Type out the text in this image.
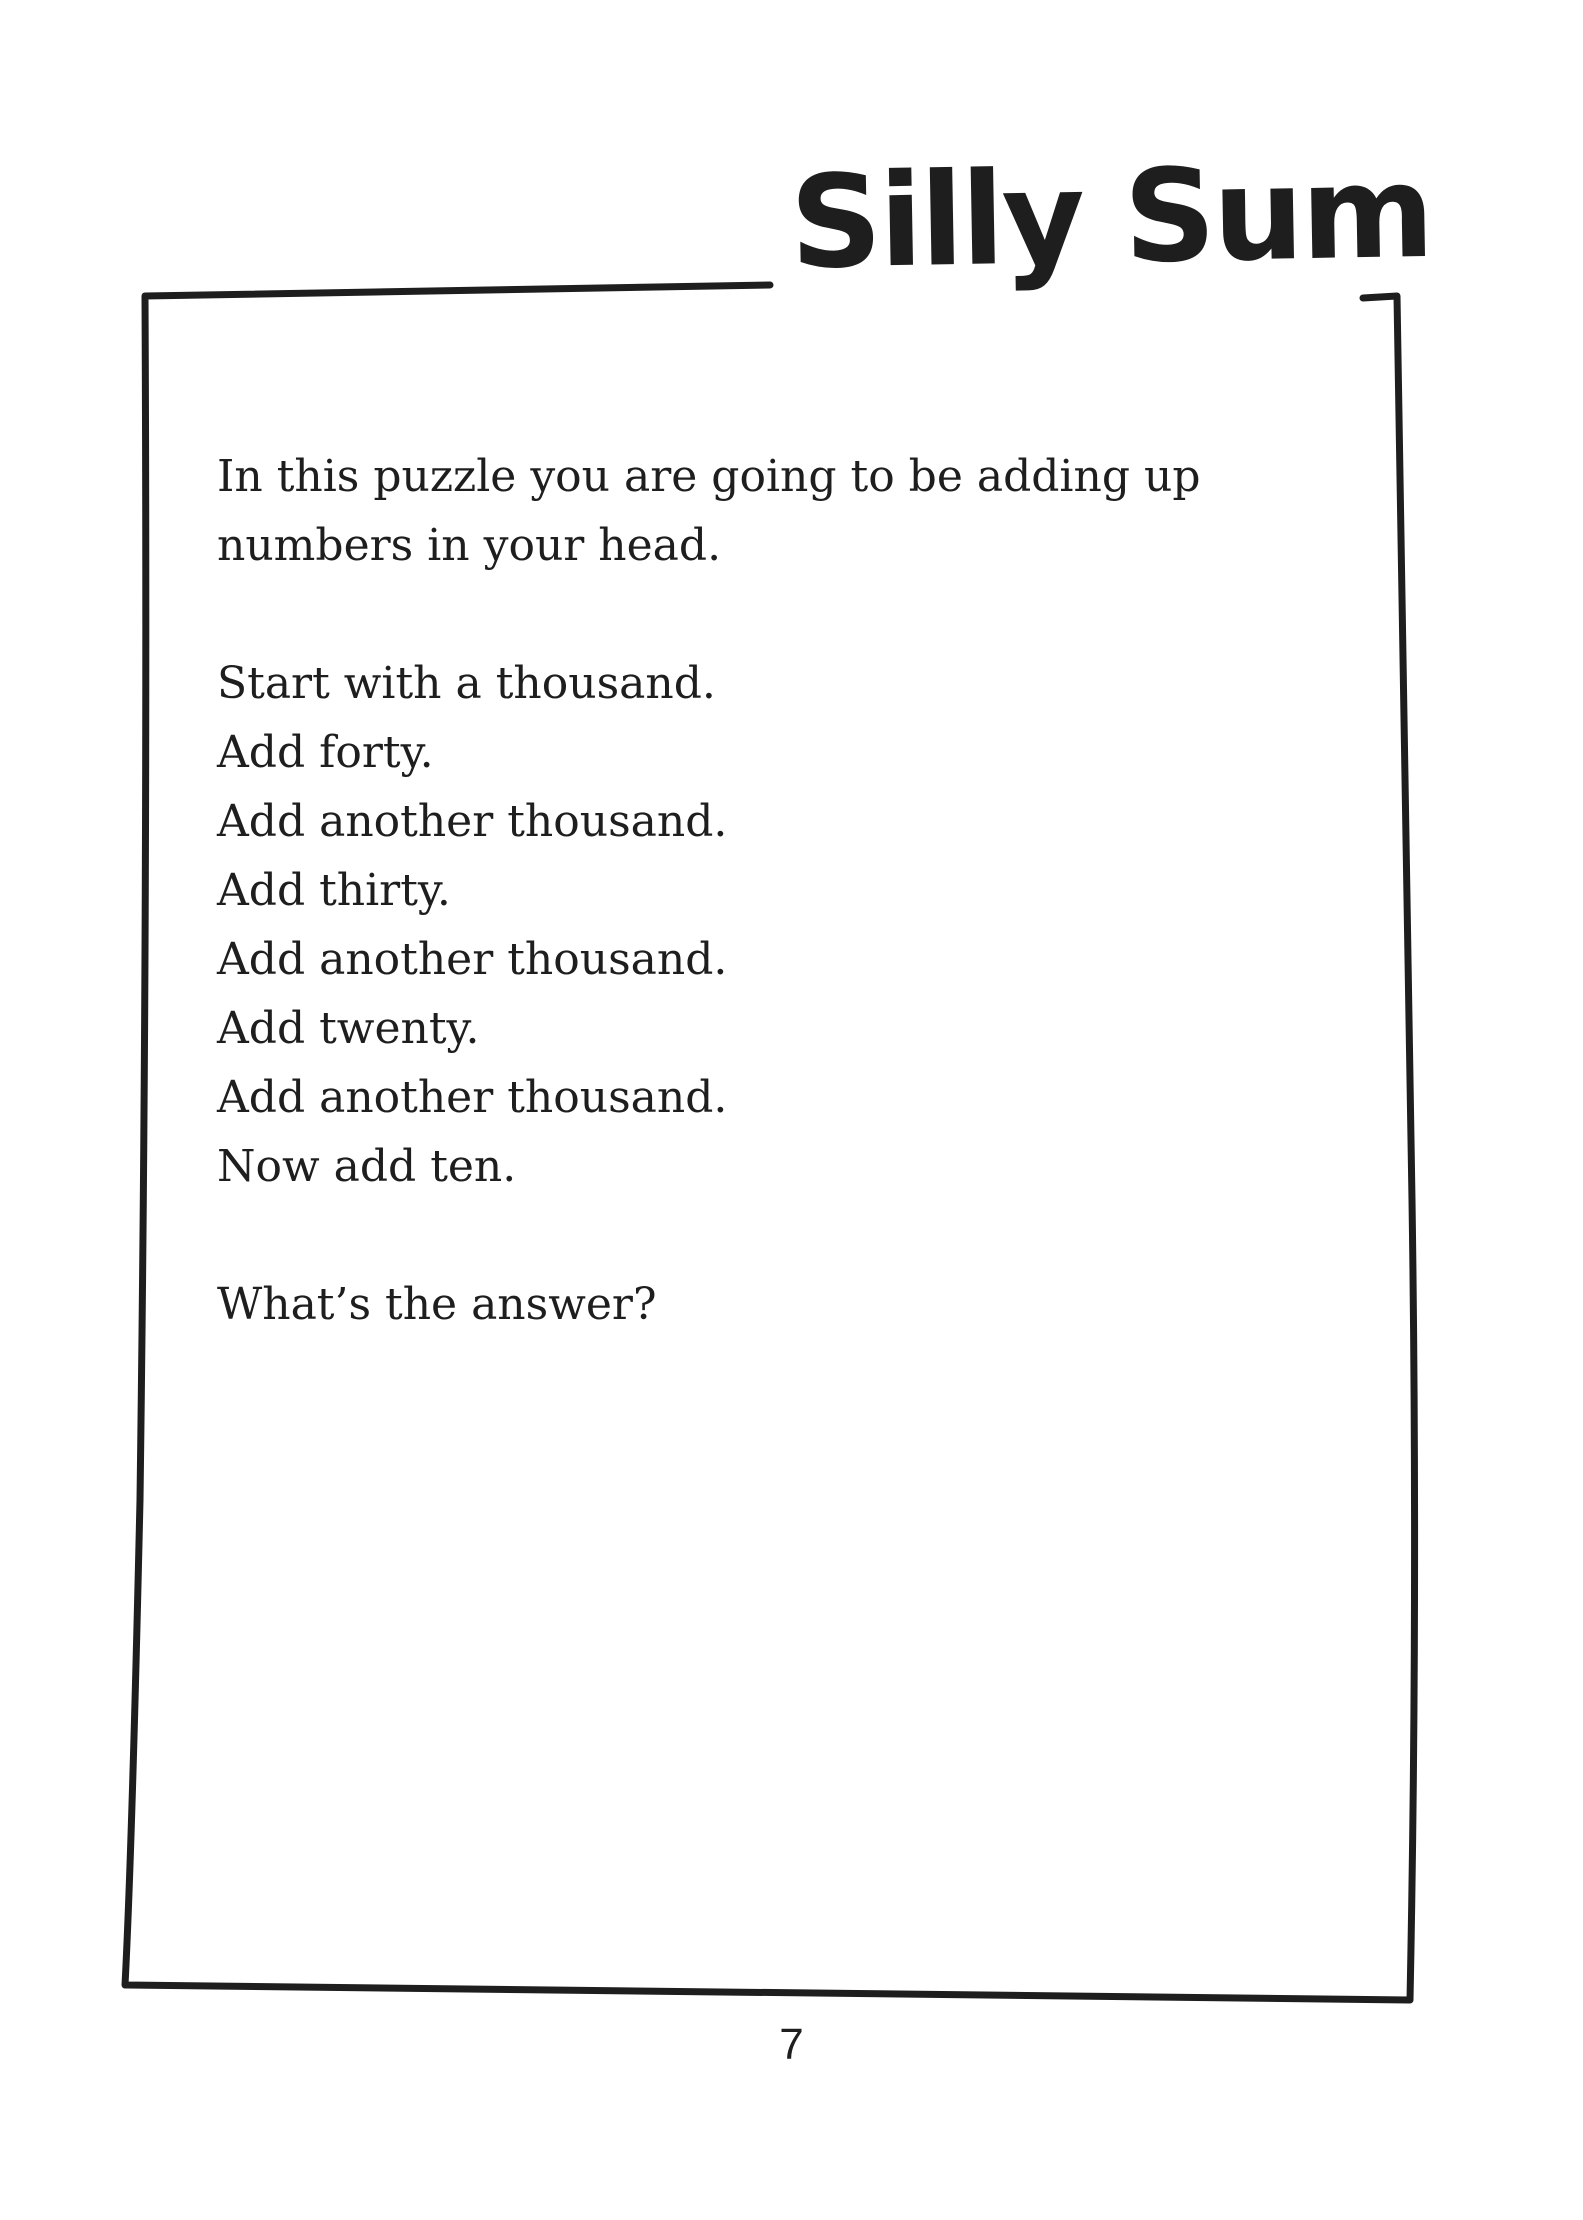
Silly Sum

In this puzzle you are going to be adding up

numbers in your head.

Start with a thousand.

Add forty.

Add another thousand.

Add thirty.

Add another thousand.

Add twenty.

Add another thousand.

Now add ten.

What’s the answer?

7
